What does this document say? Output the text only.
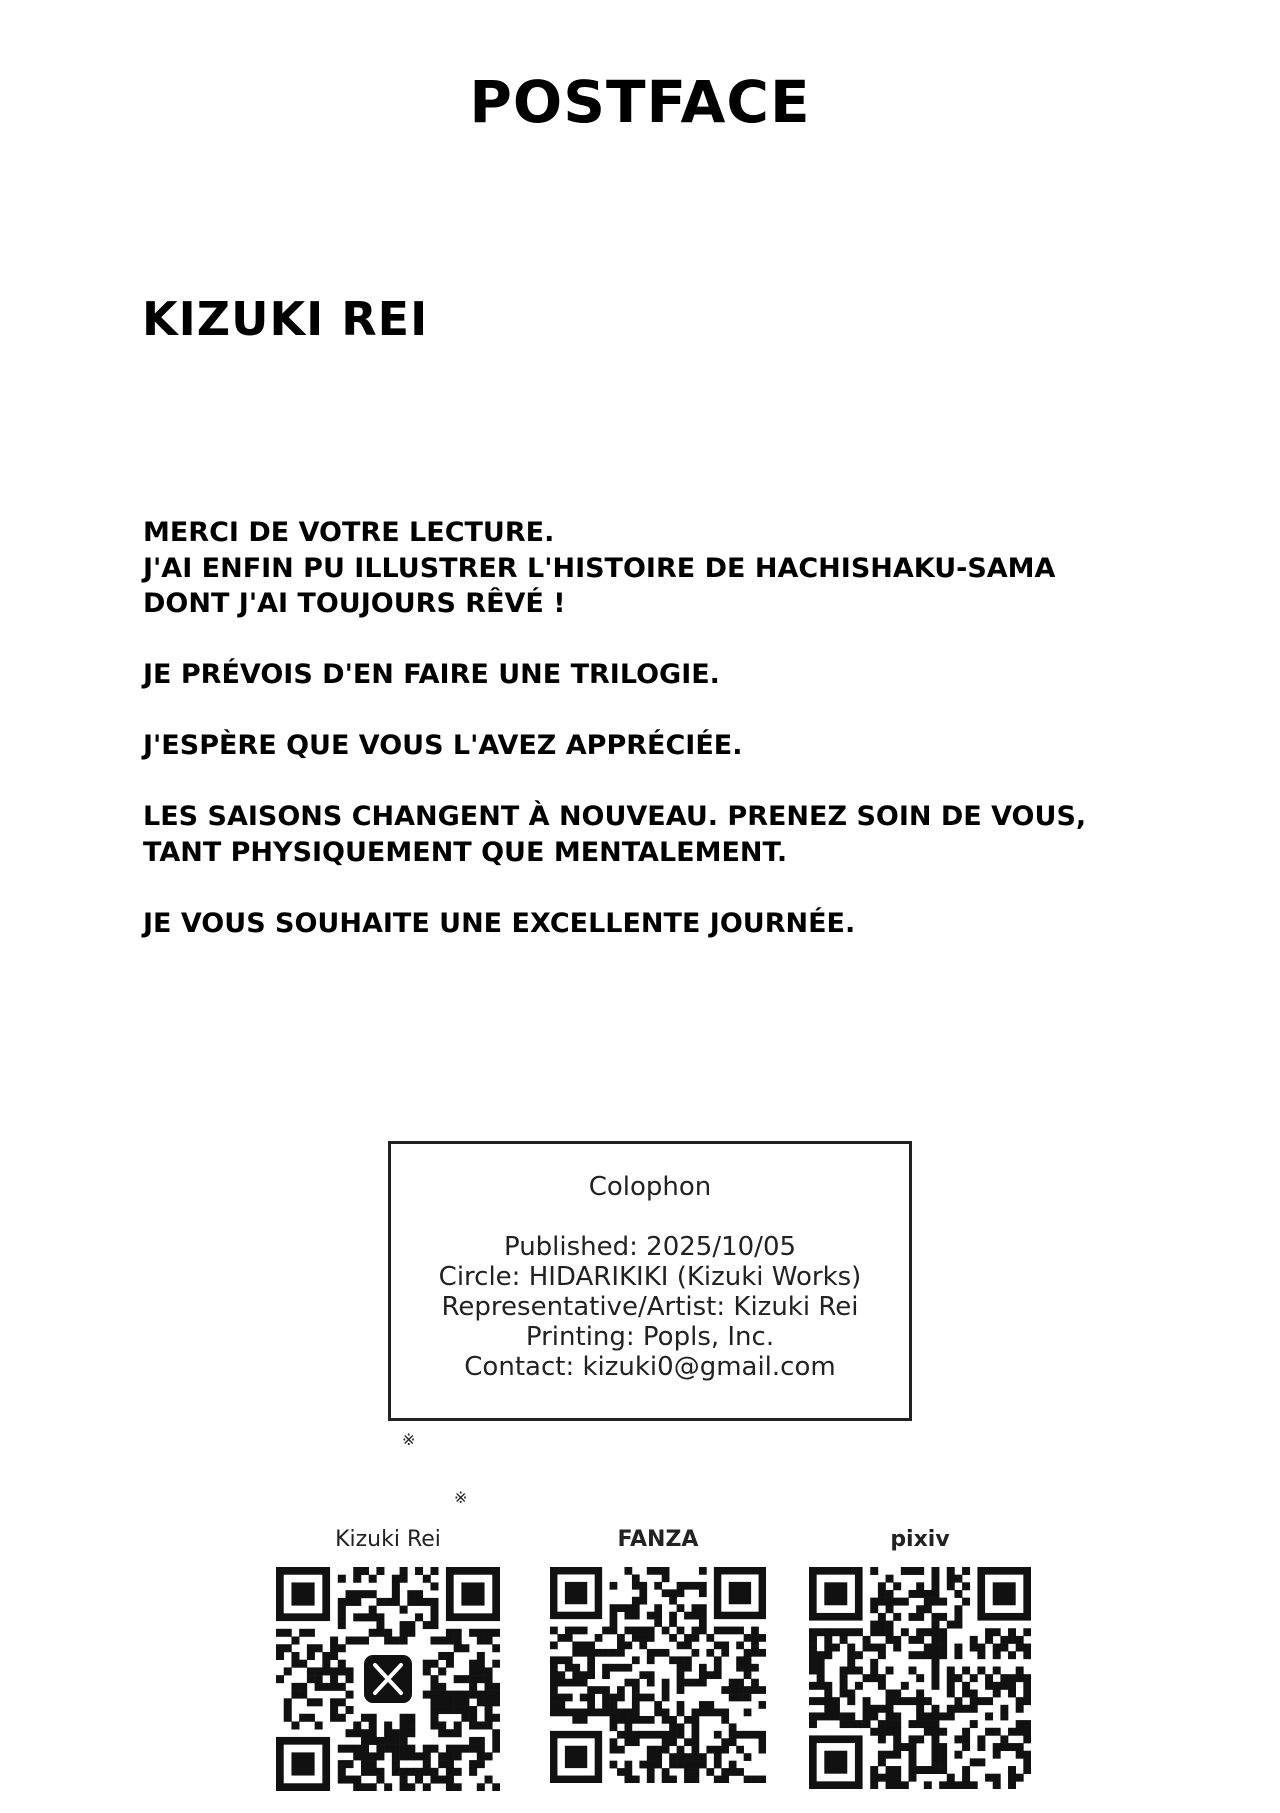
POSTFACE
KIZUKI REI
MERCI DE VOTRE LECTURE.
J'AI ENFIN PU ILLUSTRER L'HISTOIRE DE HACHISHAKU-SAMA
DONT J'AI TOUJOURS RÊVÉ !
JE PRÉVOIS D'EN FAIRE UNE TRILOGIE.
J'ESPÈRE QUE VOUS L'AVEZ APPRÉCIÉE.
LES SAISONS CHANGENT À NOUVEAU. PRENEZ SOIN DE VOUS,
TANT PHYSIQUEMENT QUE MENTALEMENT.
JE VOUS SOUHAITE UNE EXCELLENTE JOURNÉE.
Colophon
Published: 2025/10/05
Circle: HIDARIKIKI (Kizuki Works)
Representative/Artist: Kizuki Rei
Printing: Popls, Inc.
Contact: kizuki0@gmail.com
※
※
Kizuki Rei	FANZA	pixiv
